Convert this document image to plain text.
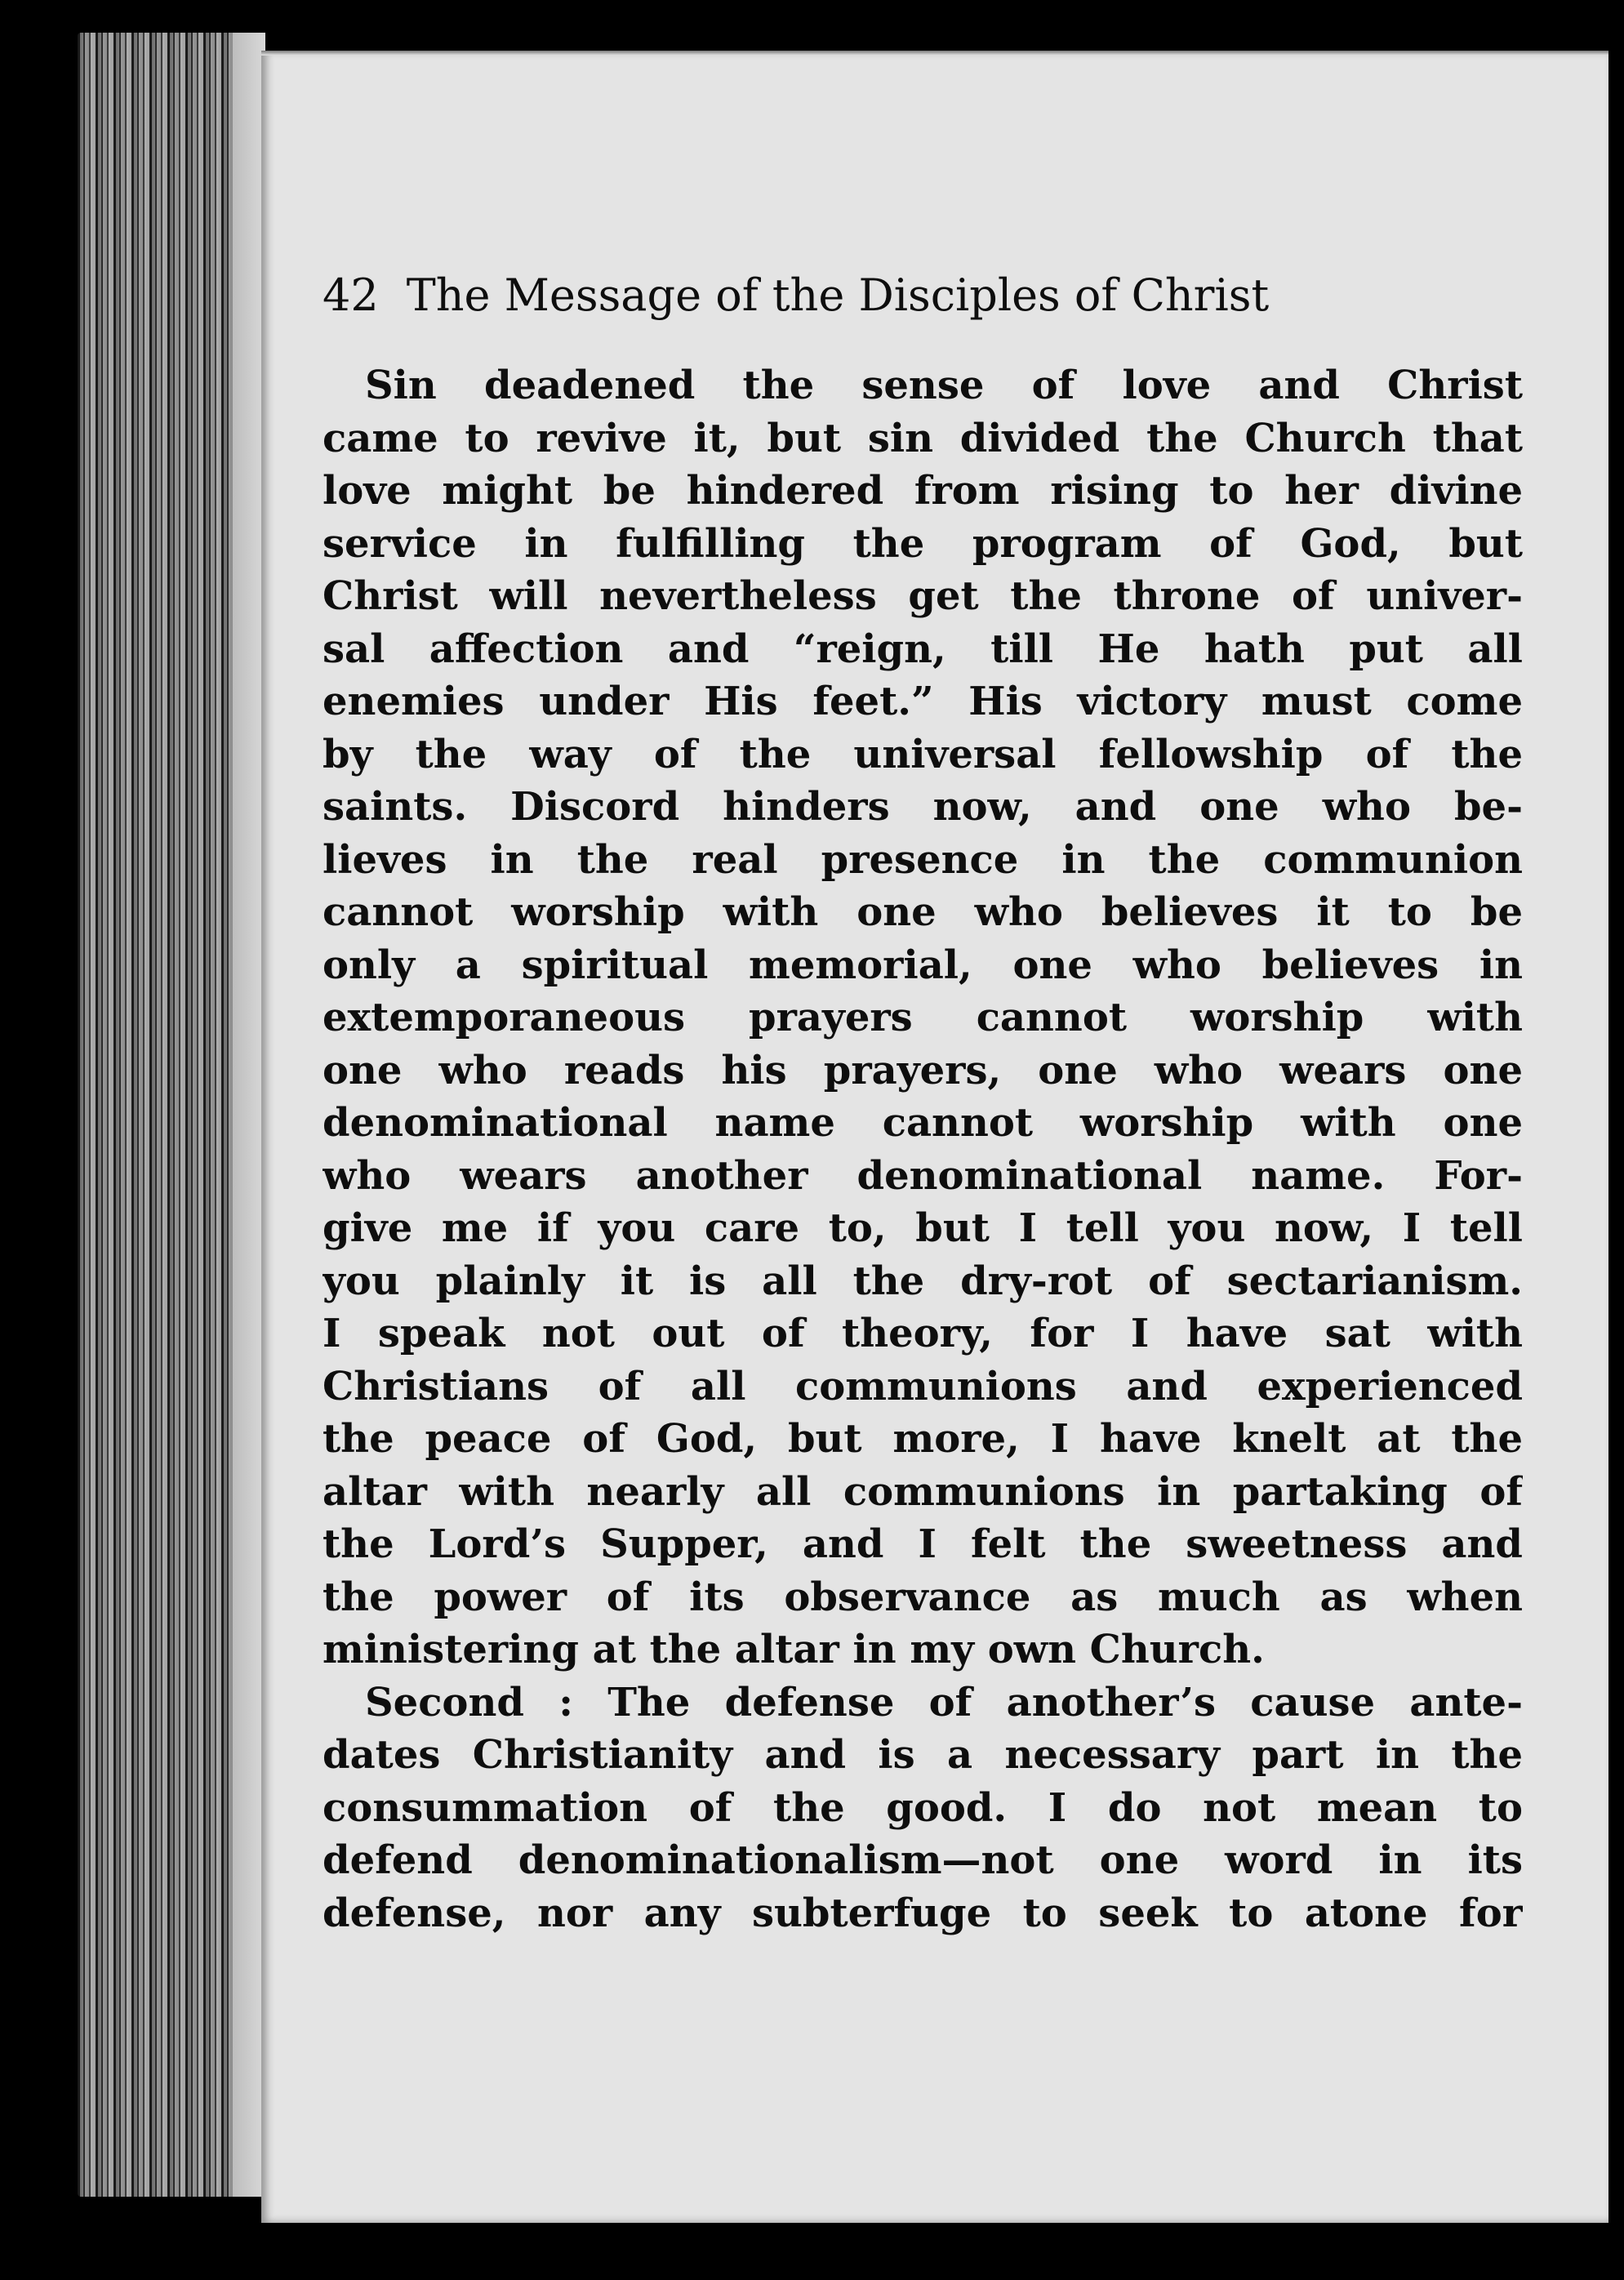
42 The Message of the Disciples of Christ

Sin deadened the sense of love and Christ
came to revive it, but sin divided the Church that
love might be hindered from rising to her divine
service in fulfilling the program of God, but
Christ will nevertheless get the throne of univer-
sal affection and “reign, till He hath put all
enemies under His feet.” His victory must come
by the way of the universal fellowship of the
saints. Discord hinders now, and one who be-
lieves in the real presence in the communion
cannot worship with one who believes it to be
only a spiritual memorial, one who believes in
extemporaneous prayers cannot worship with
one who reads his prayers, one who wears one
denominational name cannot worship with one
who wears another denominational name. For-
give me if you care to, but I tell you now, I tell
you plainly it is all the dry-rot of sectarianism.
I speak not out of theory, for I have sat with
Christians of all communions and experienced
the peace of God, but more, I have knelt at the
altar with nearly all communions in partaking of
the Lord’s Supper, and I felt the sweetness and
the power of its observance as much as when
ministering at the altar in my own Church.

Second : The defense of another’s cause ante-
dates Christianity and is a necessary part in the
consummation of the good. I do not mean to
defend denominationalism—not one word in its
defense, nor any subterfuge to seek to atone for
